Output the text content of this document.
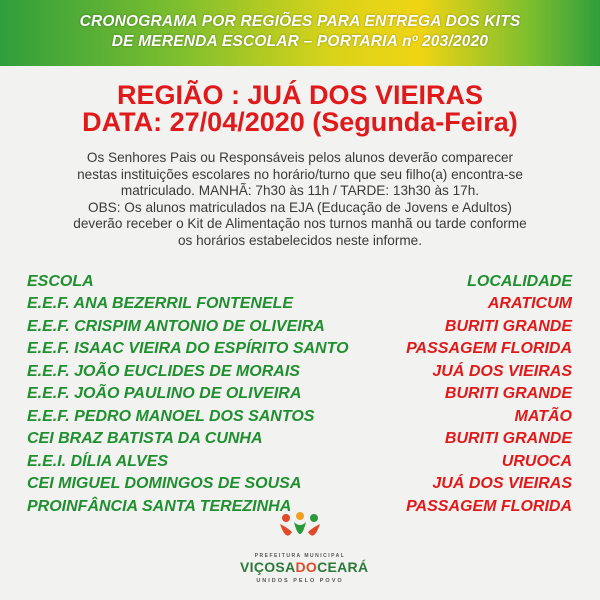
CRONOGRAMA POR REGIÕES PARA ENTREGA DOS KITS
DE MERENDA ESCOLAR – PORTARIA nº 203/2020
REGIÃO : JUÁ DOS VIEIRAS
DATA: 27/04/2020 (Segunda-Feira)

Os Senhores Pais ou Responsáveis pelos alunos deverão comparecer

nestas instituições escolares no horário/turno que seu filho(a) encontra-se

matriculado. MANHÃ: 7h30 às 11h / TARDE: 13h30 às 17h.

OBS: Os alunos matriculados na EJA (Educação de Jovens e Adultos)

deverão receber o Kit de Alimentação nos turnos manhã ou tarde conforme

os horários estabelecidos neste informe.

ESCOLA	LOCALIDADE
E.E.F. ANA BEZERRIL FONTENELE	ARATICUM
E.E.F. CRISPIM ANTONIO DE OLIVEIRA	BURITI GRANDE
E.E.F. ISAAC VIEIRA DO ESPÍRITO SANTO	PASSAGEM FLORIDA
E.E.F. JOÃO EUCLIDES DE MORAIS	JUÁ DOS VIEIRAS
E.E.F. JOÃO PAULINO DE OLIVEIRA	BURITI GRANDE
E.E.F. PEDRO MANOEL DOS SANTOS	MATÃO
CEI BRAZ BATISTA DA CUNHA	BURITI GRANDE
E.E.I. DÍLIA ALVES	URUOCA
CEI MIGUEL DOMINGOS DE SOUSA	JUÁ DOS VIEIRAS
PROINFÂNCIA SANTA TEREZINHA	PASSAGEM FLORIDA
PREFEITURA MUNICIPAL
VIÇOSADOCEARÁ
UNIDOS PELO POVO
